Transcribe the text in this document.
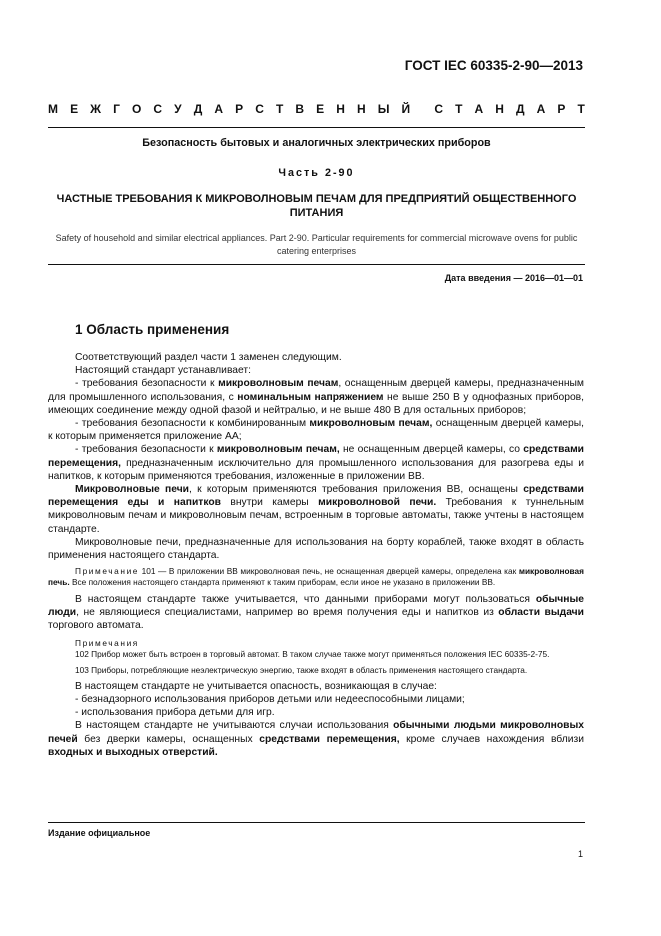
ГОСТ IEC 60335-2-90—2013
М Е Ж Г О С У Д А Р С Т В Е Н Н Ы Й С Т А Н Д А Р Т
Безопасность бытовых и аналогичных электрических приборов
Часть 2-90
ЧАСТНЫЕ ТРЕБОВАНИЯ К МИКРОВОЛНОВЫМ ПЕЧАМ ДЛЯ ПРЕДПРИЯТИЙ ОБЩЕСТВЕННОГО ПИТАНИЯ
Safety of household and similar electrical appliances. Part 2-90. Particular requirements for commercial microwave ovens for public catering enterprises
Дата введения — 2016—01—01
1 Область применения

Соответствующий раздел части 1 заменен следующим.

Настоящий стандарт устанавливает:

- требования безопасности к микроволновым печам, оснащенным дверцей камеры, предназначенным для промышленного использования, с номинальным напряжением не выше 250 В у однофазных приборов, имеющих соединение между одной фазой и нейтралью, и не выше 480 В для остальных приборов;

- требования безопасности к комбинированным микроволновым печам, оснащенным дверцей камеры, к которым применяется приложение АА;

- требования безопасности к микроволновым печам, не оснащенным дверцей камеры, со средствами перемещения, предназначенным исключительно для промышленного использования для разогрева еды и напитков, к которым применяются требования, изложенные в приложении ВВ.

Микроволновые печи, к которым применяются требования приложения ВВ, оснащены средствами перемещения еды и напитков внутри камеры микроволновой печи. Требования к туннельным микроволновым печам и микроволновым печам, встроенным в торговые автоматы, также учтены в настоящем стандарте.

Микроволновые печи, предназначенные для использования на борту кораблей, также входят в область применения настоящего стандарта.

Примечание 101 — В приложении ВВ микроволновая печь, не оснащенная дверцей камеры, определена как микроволновая печь. Все положения настоящего стандарта применяют к таким приборам, если иное не указано в приложении ВВ.

В настоящем стандарте также учитывается, что данными приборами могут пользоваться обычные люди, не являющиеся специалистами, например во время получения еды и напитков из области выдачи торгового автомата.

Примечания

102 Прибор может быть встроен в торговый автомат. В таком случае также могут применяться положения IEC 60335-2-75.

103 Приборы, потребляющие неэлектрическую энергию, также входят в область применения настоящего стандарта.

В настоящем стандарте не учитывается опасность, возникающая в случае:

- безнадзорного использования приборов детьми или недееспособными лицами;

- использования прибора детьми для игр.

В настоящем стандарте не учитываются случаи использования обычными людьми микроволновых печей без дверки камеры, оснащенных средствами перемещения, кроме случаев нахождения вблизи входных и выходных отверстий.

Издание официальное
1
